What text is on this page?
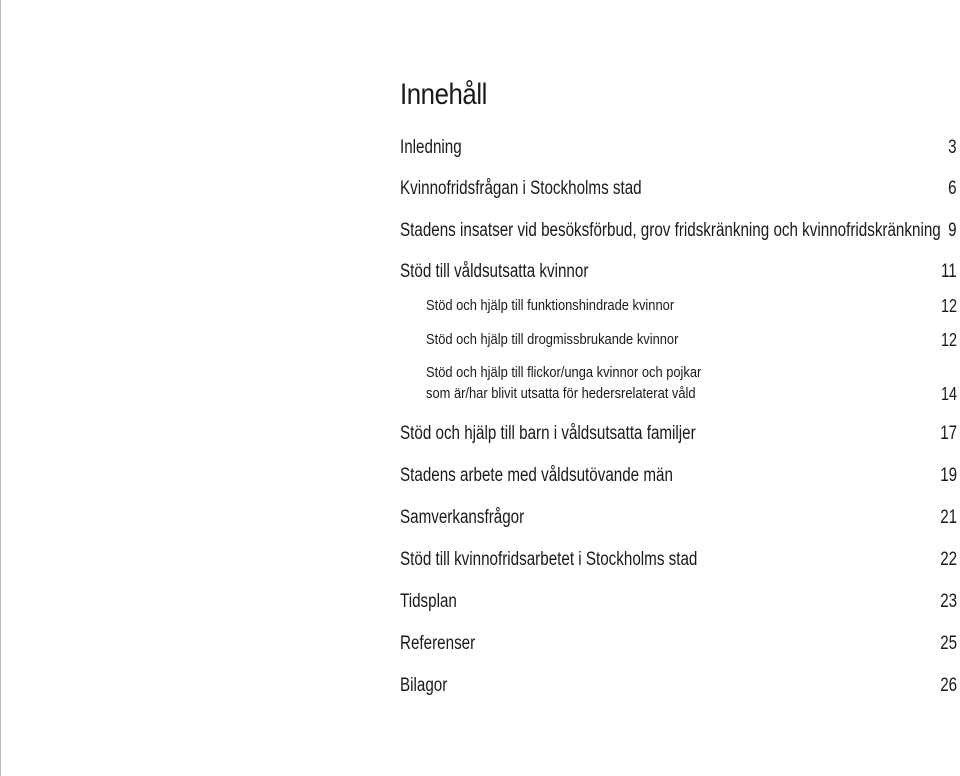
Innehåll
Inledning	3
Kvinnofridsfrågan i Stockholms stad	6
Stadens insatser vid besöksförbud, grov fridskränkning och kvinnofridskränkning 9
Stöd till våldsutsatta kvinnor	11
Stöd och hjälp till funktionshindrade kvinnor	12
Stöd och hjälp till drogmissbrukande kvinnor	12
Stöd och hjälp till flickor/unga kvinnor och pojkar
som är/har blivit utsatta för hedersrelaterat våld	14
Stöd och hjälp till barn i våldsutsatta familjer	17
Stadens arbete med våldsutövande män	19
Samverkansfrågor	21
Stöd till kvinnofridsarbetet i Stockholms stad	22
Tidsplan	23
Referenser	25
Bilagor	26
